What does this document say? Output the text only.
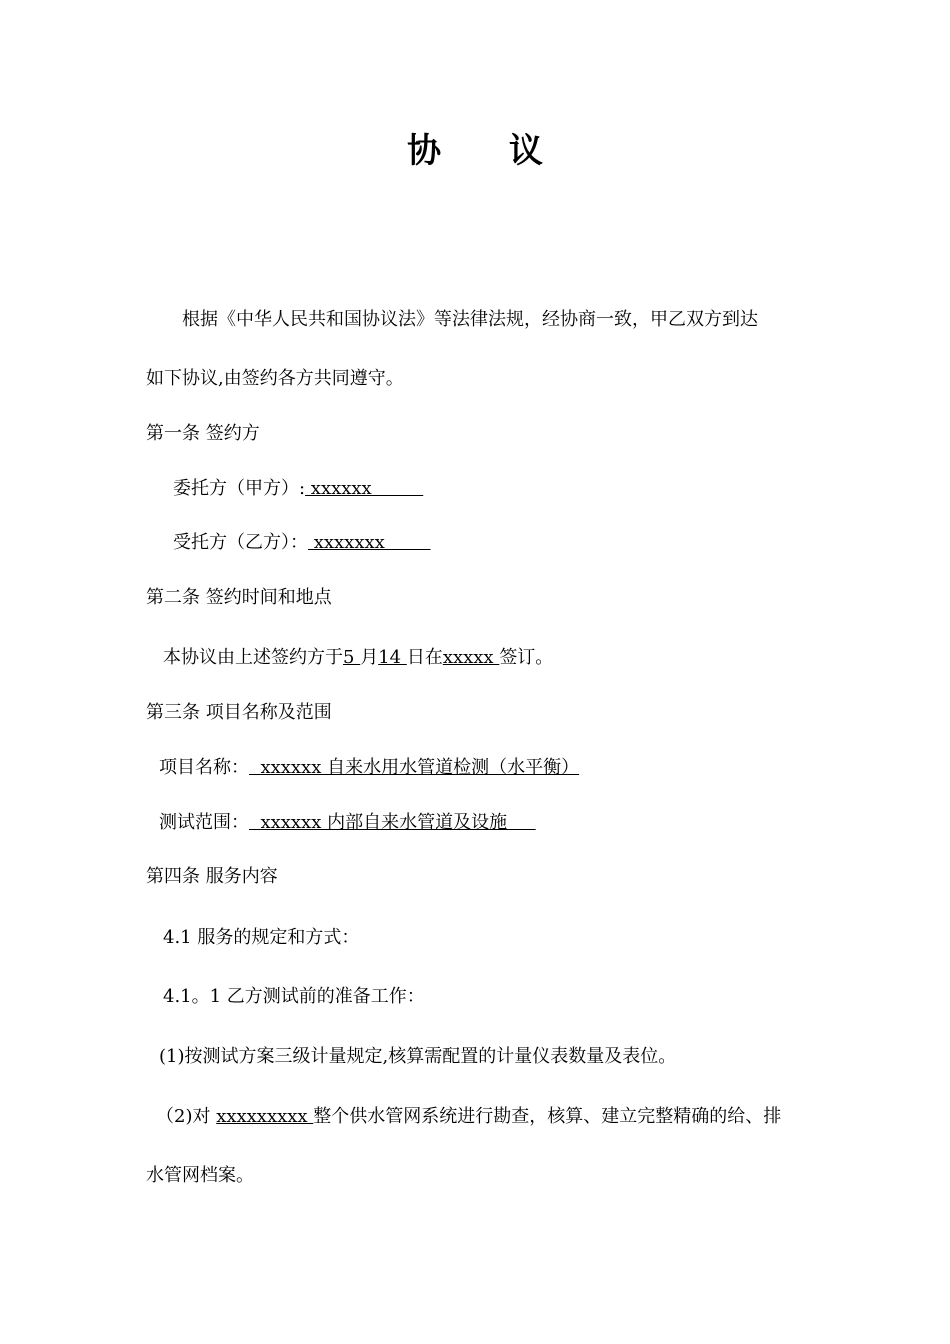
协 议
根据《中华人民共和国协议法》等法律法规，经协商一致，甲乙双方到达
如下协议,由签约各方共同遵守。
第一条 签约方
委托方（甲方）: xxxxxx
受托方（乙方）： xxxxxxx
第二条 签约时间和地点
本协议由上述签约方于5 月14 日在xxxxx 签订。
第三条 项目名称及范围
项目名称：  xxxxxx 自来水用水管道检测（水平衡）
测试范围：  xxxxxx 内部自来水管道及设施
第四条 服务内容
4.1 服务的规定和方式：
4.1。1 乙方测试前的准备工作：
(1)按测试方案三级计量规定,核算需配置的计量仪表数量及表位。
（2)对 xxxxxxxxx 整个供水管网系统进行勘查，核算、建立完整精确的给、排
水管网档案。
